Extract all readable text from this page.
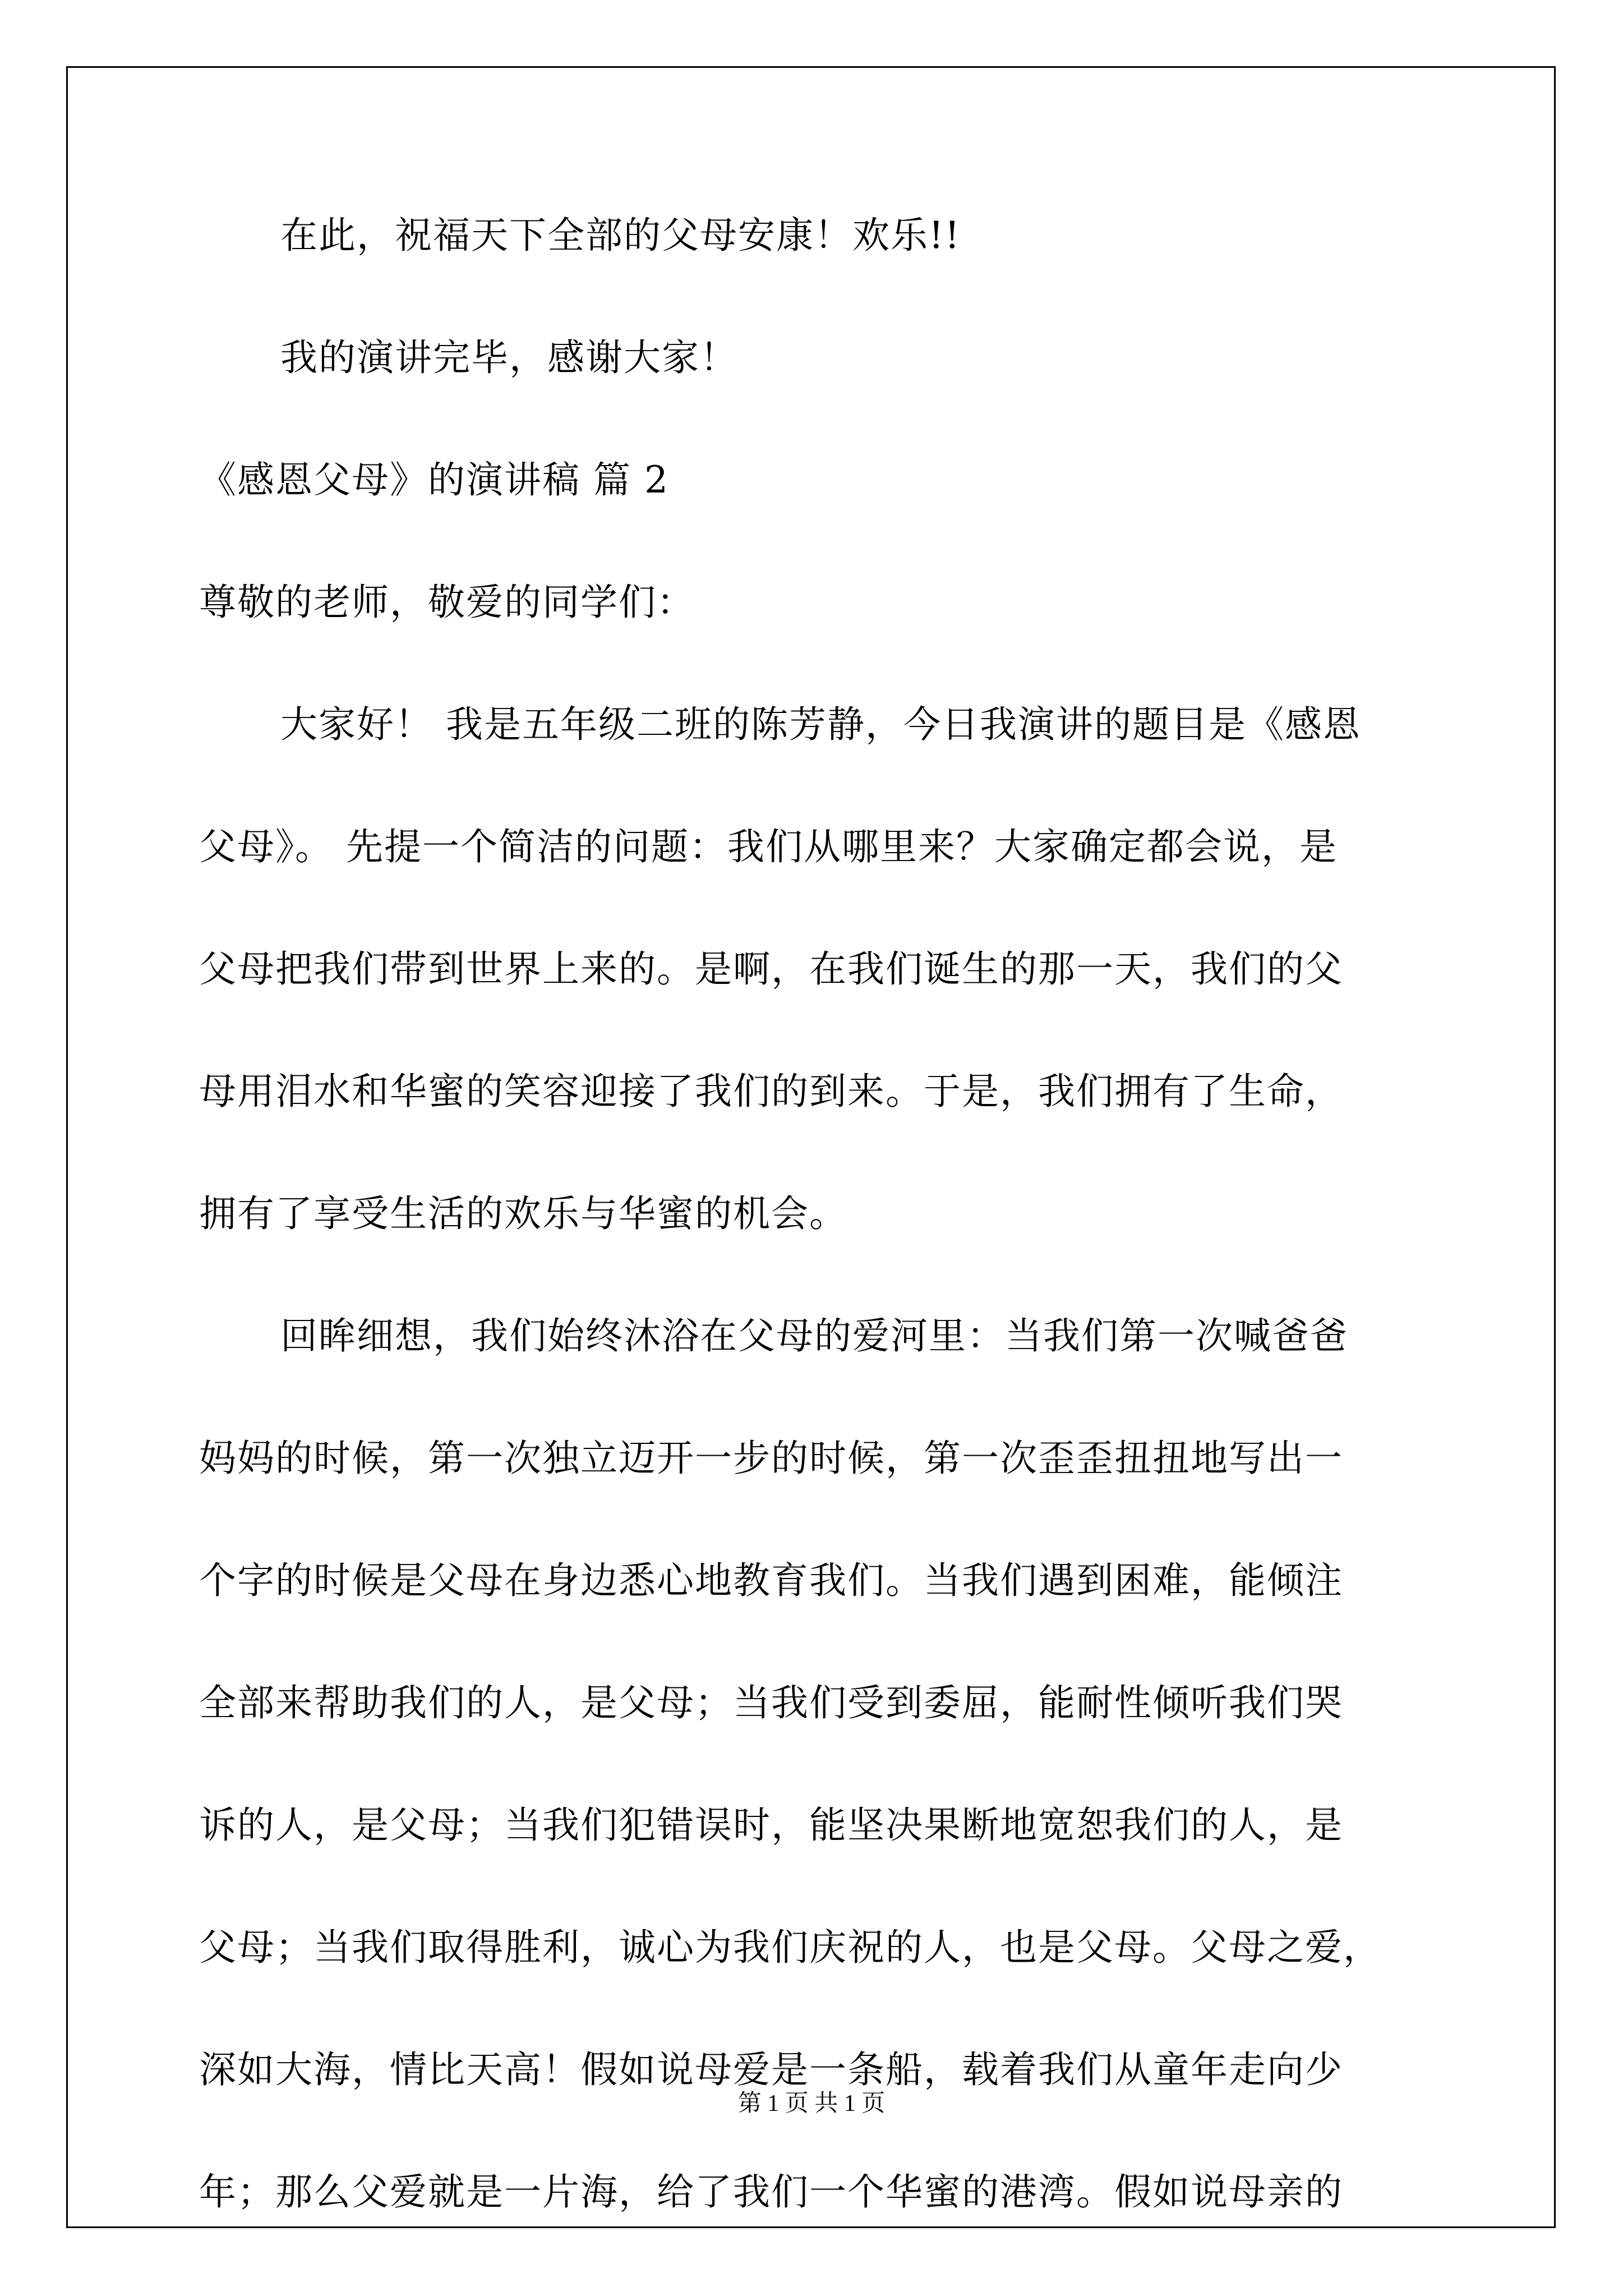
在此，祝福天下全部的父母安康！欢乐!!
我的演讲完毕，感谢大家！
《感恩父母》的演讲稿 篇 2
尊敬的老师，敬爱的同学们：
大家好！ 我是五年级二班的陈芳静，今日我演讲的题目是《感恩
父母》。 先提一个简洁的问题：我们从哪里来？大家确定都会说，是
父母把我们带到世界上来的。是啊，在我们诞生的那一天，我们的父
母用泪水和华蜜的笑容迎接了我们的到来。于是，我们拥有了生命，
拥有了享受生活的欢乐与华蜜的机会。
回眸细想，我们始终沐浴在父母的爱河里：当我们第一次喊爸爸
妈妈的时候，第一次独立迈开一步的时候，第一次歪歪扭扭地写出一
个字的时候是父母在身边悉心地教育我们。当我们遇到困难，能倾注
全部来帮助我们的人，是父母；当我们受到委屈，能耐性倾听我们哭
诉的人，是父母；当我们犯错误时，能坚决果断地宽恕我们的人，是
父母；当我们取得胜利，诚心为我们庆祝的人，也是父母。父母之爱，
深如大海，情比天高！假如说母爱是一条船，载着我们从童年走向少
年；那么父爱就是一片海，给了我们一个华蜜的港湾。假如说母亲的
第 1 页 共 1 页
